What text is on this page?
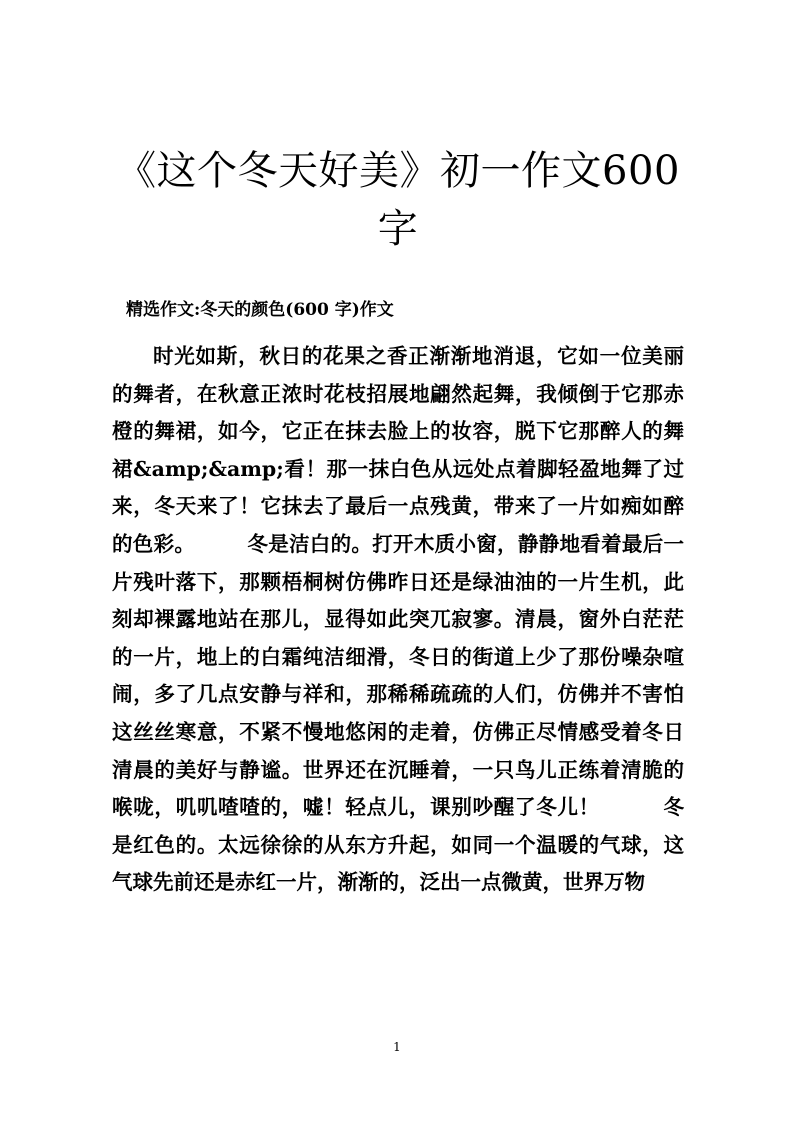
《这个冬天好美》初一作文600字

精选作文:冬天的颜色(600 字)作文

时光如斯，秋日的花果之香正渐渐地消退，它如一位美丽的舞者，在秋意正浓时花枝招展地翩然起舞，我倾倒于它那赤橙的舞裙，如今，它正在抹去脸上的妆容，脱下它那醉人的舞裙&amp;&amp;看！那一抹白色从远处点着脚轻盈地舞了过来，冬天来了！它抹去了最后一点残黄，带来了一片如痴如醉的色彩。　　　冬是洁白的。打开木质小窗，静静地看着最后一片残叶落下，那颗梧桐树仿佛昨日还是绿油油的一片生机，此刻却裸露地站在那儿，显得如此突兀寂寥。清晨，窗外白茫茫的一片，地上的白霜纯洁细滑，冬日的街道上少了那份噪杂喧闹，多了几点安静与祥和，那稀稀疏疏的人们，仿佛并不害怕这丝丝寒意，不紧不慢地悠闲的走着，仿佛正尽情感受着冬日清晨的美好与静谧。世界还在沉睡着，一只鸟儿正练着清脆的喉咙，叽叽喳喳的，嘘！轻点儿，课别吵醒了冬儿！　　　冬是红色的。太远徐徐的从东方升起，如同一个温暖的气球，这气球先前还是赤红一片，渐渐的，泛出一点微黄，世界万物

1
